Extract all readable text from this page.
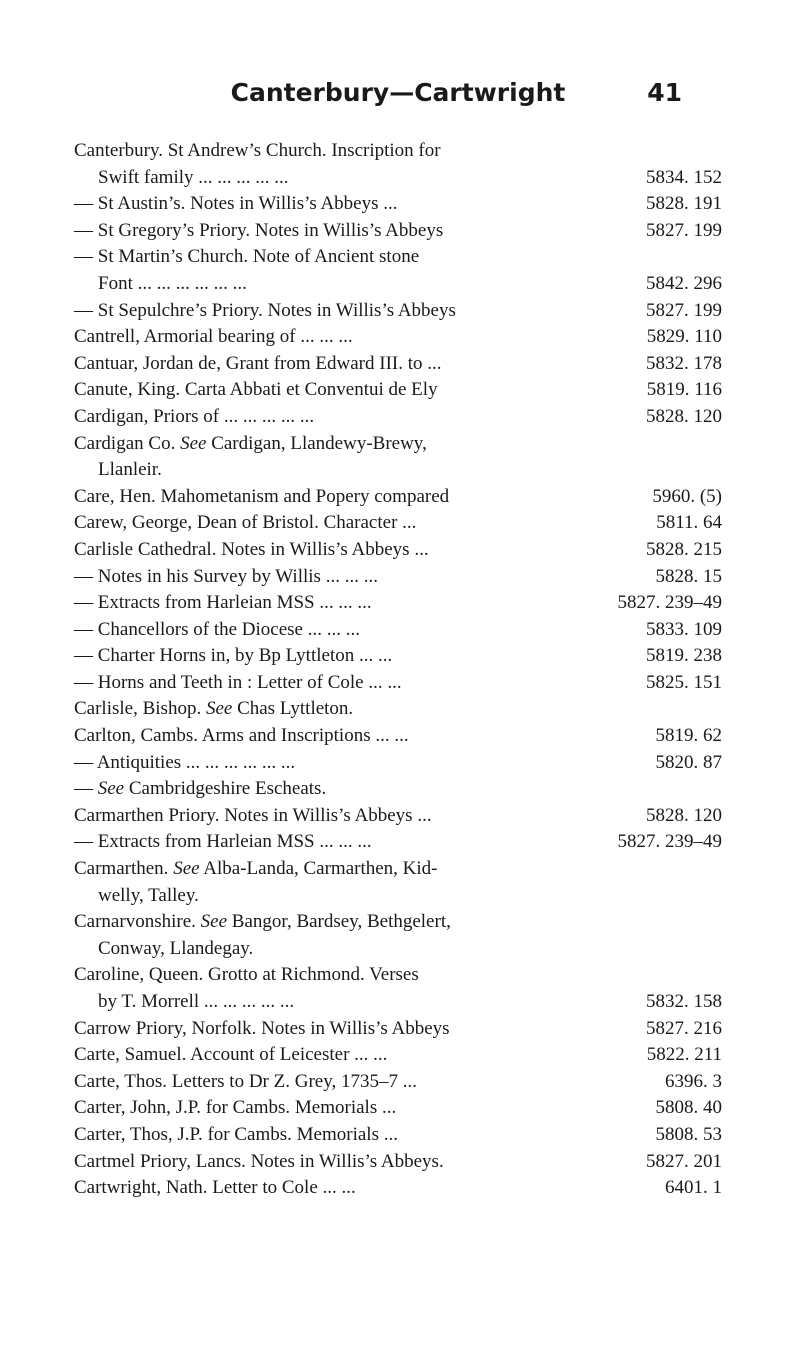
Canterbury—Cartwright	41
Canterbury. St Andrew’s Church. Inscription for
Swift family ... ... ... ... ...	5834. 152
— St Austin’s. Notes in Willis’s Abbeys ...	5828. 191
— St Gregory’s Priory. Notes in Willis’s Abbeys	5827. 199
— St Martin’s Church. Note of Ancient stone
Font ... ... ... ... ... ...	5842. 296
— St Sepulchre’s Priory. Notes in Willis’s Abbeys	5827. 199
Cantrell, Armorial bearing of ... ... ...	5829. 110
Cantuar, Jordan de, Grant from Edward III. to ...	5832. 178
Canute, King. Carta Abbati et Conventui de Ely	5819. 116
Cardigan, Priors of ... ... ... ... ...	5828. 120
Cardigan Co. See Cardigan, Llandewy-Brewy,
Llanleir.
Care, Hen. Mahometanism and Popery compared	5960. (5)
Carew, George, Dean of Bristol. Character ...	5811. 64
Carlisle Cathedral. Notes in Willis’s Abbeys ...	5828. 215
— Notes in his Survey by Willis ... ... ...	5828. 15
— Extracts from Harleian MSS ... ... ...	5827. 239–49
— Chancellors of the Diocese ... ... ...	5833. 109
— Charter Horns in, by Bp Lyttleton ... ...	5819. 238
— Horns and Teeth in : Letter of Cole ... ...	5825. 151
Carlisle, Bishop. See Chas Lyttleton.
Carlton, Cambs. Arms and Inscriptions ... ...	5819. 62
— Antiquities ... ... ... ... ... ...	5820. 87
— See Cambridgeshire Escheats.
Carmarthen Priory. Notes in Willis’s Abbeys ...	5828. 120
— Extracts from Harleian MSS ... ... ...	5827. 239–49
Carmarthen. See Alba-Landa, Carmarthen, Kid-
welly, Talley.
Carnarvonshire. See Bangor, Bardsey, Bethgelert,
Conway, Llandegay.
Caroline, Queen. Grotto at Richmond. Verses
by T. Morrell ... ... ... ... ...	5832. 158
Carrow Priory, Norfolk. Notes in Willis’s Abbeys	5827. 216
Carte, Samuel. Account of Leicester ... ...	5822. 211
Carte, Thos. Letters to Dr Z. Grey, 1735–7 ...	6396. 3
Carter, John, J.P. for Cambs. Memorials ...	5808. 40
Carter, Thos, J.P. for Cambs. Memorials ...	5808. 53
Cartmel Priory, Lancs. Notes in Willis’s Abbeys.	5827. 201
Cartwright, Nath. Letter to Cole ... ...	6401. 1
